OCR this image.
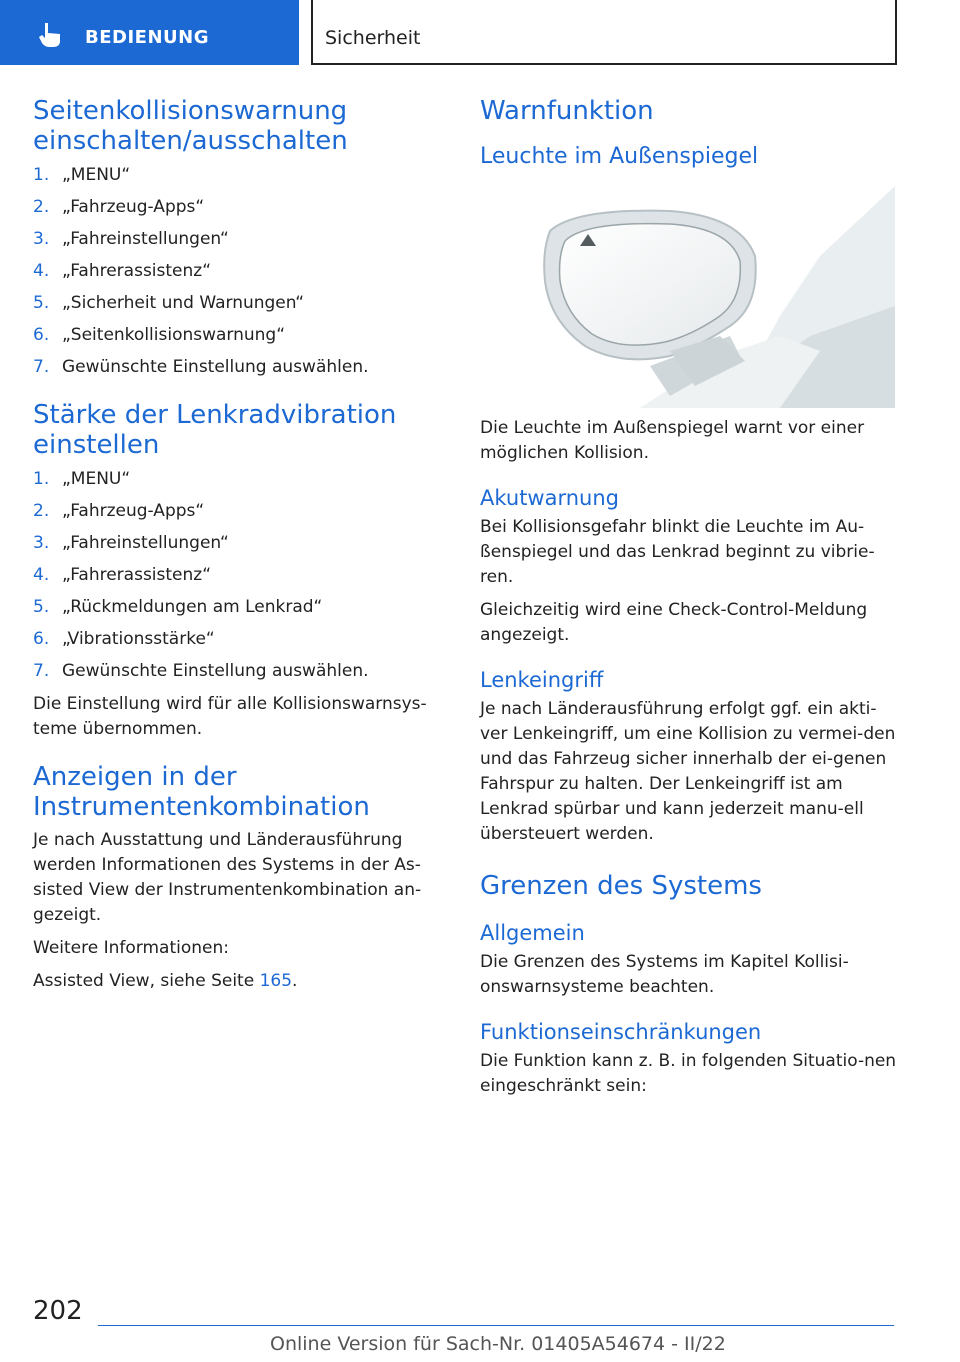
BEDIENUNG	Sicherheit
Seitenkollisionswarnung einschalten/ausschalten
1. „MENU“
2. „Fahrzeug-Apps“
3. „Fahreinstellungen“
4. „Fahrerassistenz“
5. „Sicherheit und Warnungen“
6. „Seitenkollisionswarnung“
7. Gewünschte Einstellung auswählen.
Stärke der Lenkradvibration einstellen
1. „MENU“
2. „Fahrzeug-Apps“
3. „Fahreinstellungen“
4. „Fahrerassistenz“
5. „Rückmeldungen am Lenkrad“
6. „Vibrationsstärke“
7. Gewünschte Einstellung auswählen.

Die Einstellung wird für alle Kollisionswarnsys-teme übernommen.

Anzeigen in der Instrumentenkombination

Je nach Ausstattung und Länderausführung werden Informationen des Systems in der As-sisted View der Instrumentenkombination an-gezeigt.

Weitere Informationen:

Assisted View, siehe Seite 165.

Warnfunktion
Leuchte im Außenspiegel

Die Leuchte im Außenspiegel warnt vor einer möglichen Kollision.

Akutwarnung

Bei Kollisionsgefahr blinkt die Leuchte im Au-ßenspiegel und das Lenkrad beginnt zu vibrie-ren.

Gleichzeitig wird eine Check-Control-Meldung angezeigt.

Lenkeingriff

Je nach Länderausführung erfolgt ggf. ein akti-ver Lenkeingriff, um eine Kollision zu vermei-den und das Fahrzeug sicher innerhalb der ei-genen Fahrspur zu halten. Der Lenkeingriff ist am Lenkrad spürbar und kann jederzeit manu-ell übersteuert werden.

Grenzen des Systems
Allgemein

Die Grenzen des Systems im Kapitel Kollisi-onswarnsysteme beachten.

Funktionseinschränkungen

Die Funktion kann z. B. in folgenden Situatio-nen eingeschränkt sein:

202
Online Version für Sach-Nr. 01405A54674 - II/22
